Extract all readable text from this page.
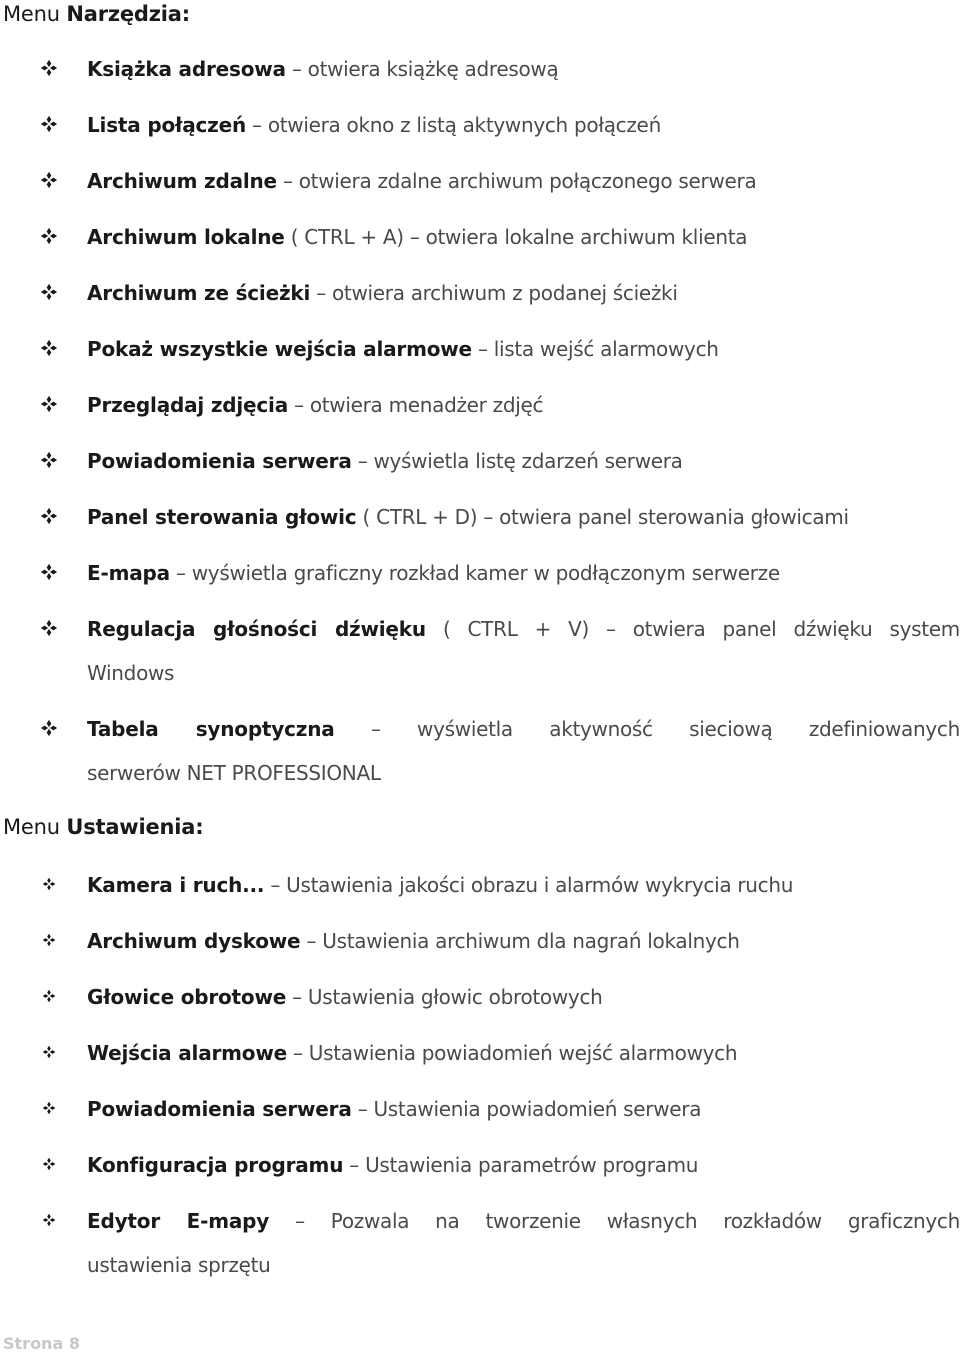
Menu Narzędzia:
Książka adresowa – otwiera książkę adresową
Lista połączeń – otwiera okno z listą aktywnych połączeń
Archiwum zdalne – otwiera zdalne archiwum połączonego serwera
Archiwum lokalne ( CTRL + A) – otwiera lokalne archiwum klienta
Archiwum ze ścieżki – otwiera archiwum z podanej ścieżki
Pokaż wszystkie wejścia alarmowe – lista wejść alarmowych
Przeglądaj zdjęcia – otwiera menadżer zdjęć
Powiadomienia serwera – wyświetla listę zdarzeń serwera
Panel sterowania głowic ( CTRL + D) – otwiera panel sterowania głowicami
E-mapa – wyświetla graficzny rozkład kamer w podłączonym serwerze
Regulacja głośności dźwięku ( CTRL + V) – otwiera panel dźwięku system
Windows
Tabela synoptyczna – wyświetla aktywność sieciową zdefiniowanych
serwerów NET PROFESSIONAL
Menu Ustawienia:
Kamera i ruch... – Ustawienia jakości obrazu i alarmów wykrycia ruchu
Archiwum dyskowe – Ustawienia archiwum dla nagrań lokalnych
Głowice obrotowe – Ustawienia głowic obrotowych
Wejścia alarmowe – Ustawienia powiadomień wejść alarmowych
Powiadomienia serwera – Ustawienia powiadomień serwera
Konfiguracja programu – Ustawienia parametrów programu
Edytor E-mapy – Pozwala na tworzenie własnych rozkładów graficznych
ustawienia sprzętu
Strona 8
